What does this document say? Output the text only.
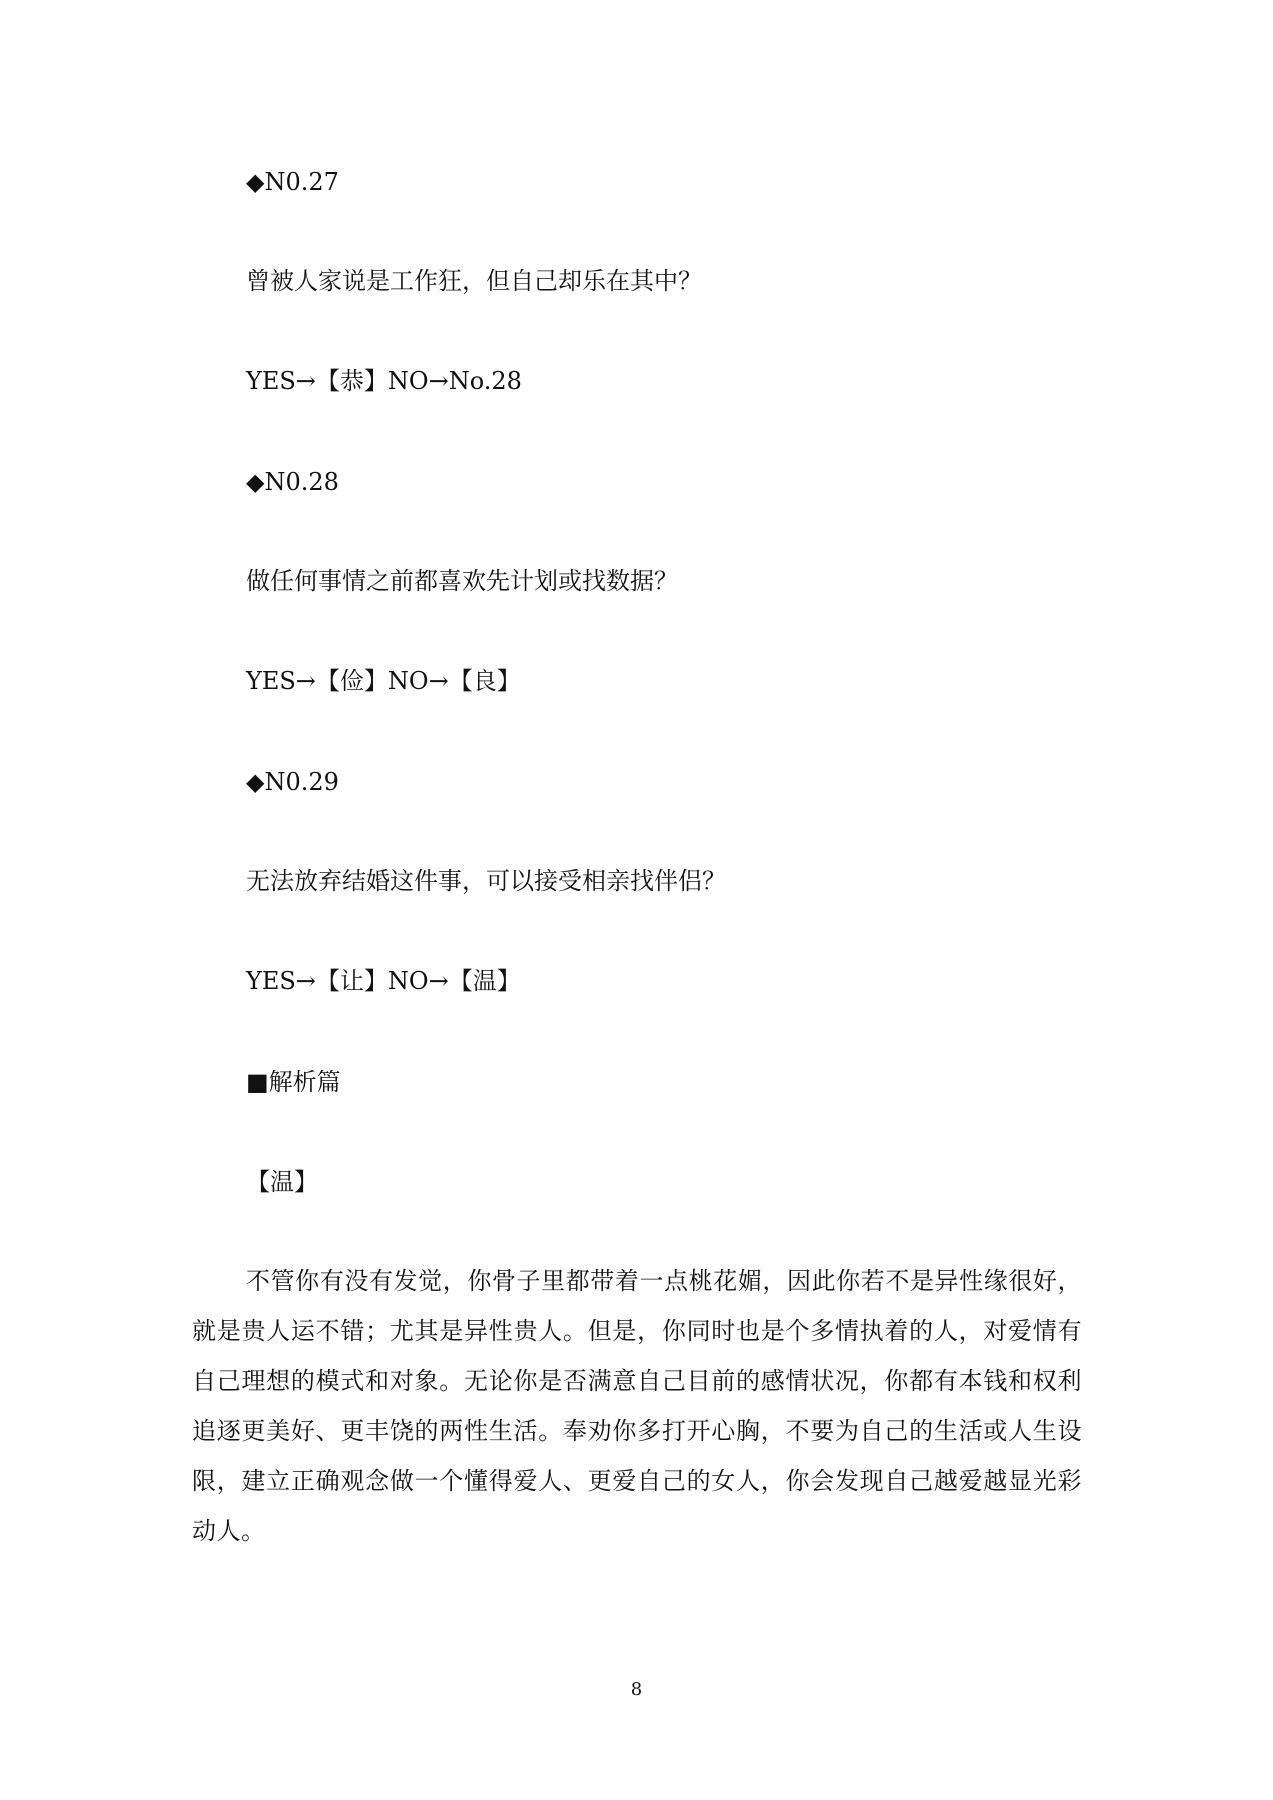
◆N0.27
曾被人家说是工作狂，但自己却乐在其中？
YES→【恭】NO→No.28
◆N0.28
做任何事情之前都喜欢先计划或找数据？
YES→【俭】NO→【良】
◆N0.29
无法放弃结婚这件事，可以接受相亲找伴侣？
YES→【让】NO→【温】
■解析篇
【温】
不管你有没有发觉，你骨子里都带着一点桃花媚，因此你若不是异性缘很好，就是贵人运不错；尤其是异性贵人。但是，你同时也是个多情执着的人，对爱情有自己理想的模式和对象。无论你是否满意自己目前的感情状况，你都有本钱和权利追逐更美好、更丰饶的两性生活。奉劝你多打开心胸，不要为自己的生活或人生设限，建立正确观念做一个懂得爱人、更爱自己的女人，你会发现自己越爱越显光彩动人。
8
